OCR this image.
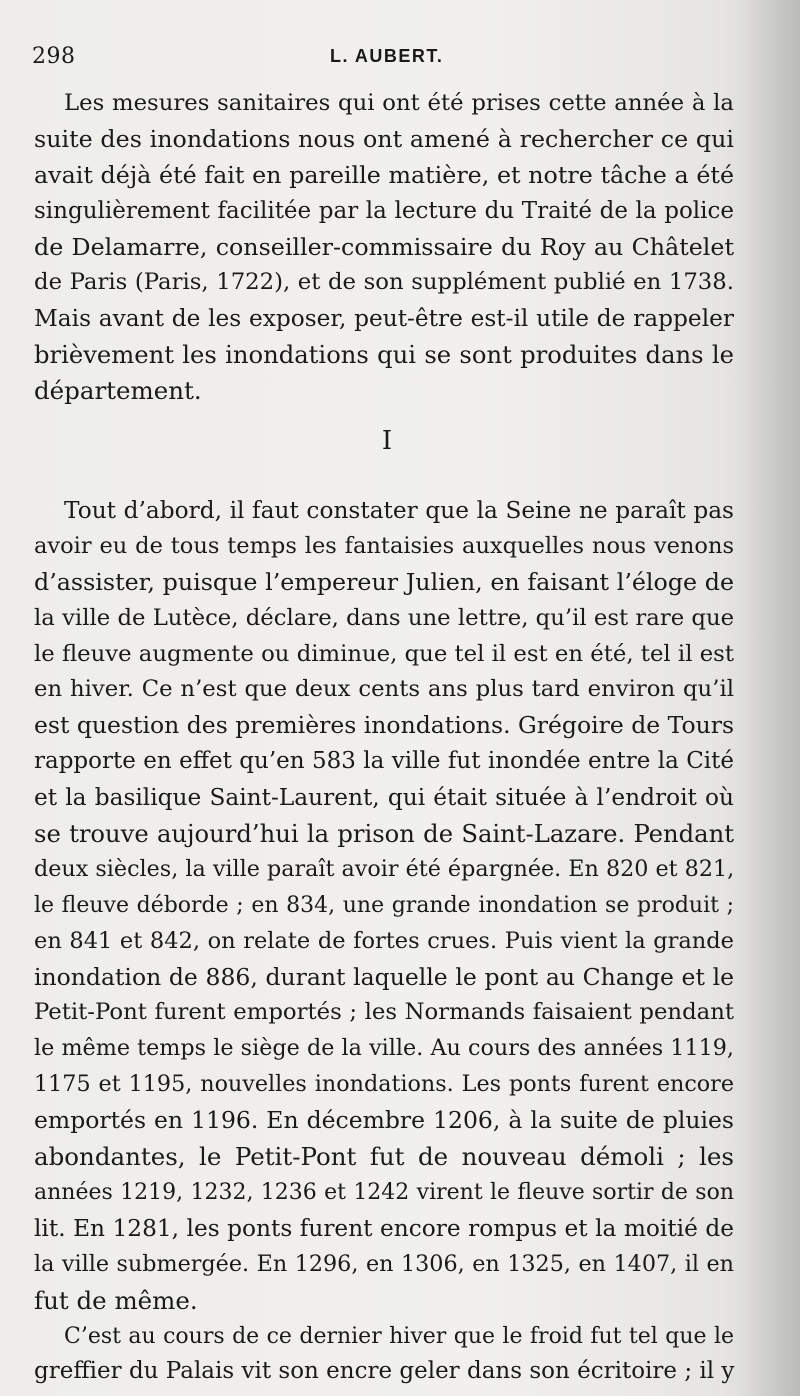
298	L. AUBERT.
Les mesures sanitaires qui ont été prises cette année à la
suite des inondations nous ont amené à rechercher ce qui
avait déjà été fait en pareille matière, et notre tâche a été
singulièrement facilitée par la lecture du Traité de la police
de Delamarre, conseiller-commissaire du Roy au Châtelet
de Paris (Paris, 1722), et de son supplément publié en 1738.
Mais avant de les exposer, peut-être est-il utile de rappeler
brièvement les inondations qui se sont produites dans le
département.
I
Tout d’abord, il faut constater que la Seine ne paraît pas
avoir eu de tous temps les fantaisies auxquelles nous venons
d’assister, puisque l’empereur Julien, en faisant l’éloge de
la ville de Lutèce, déclare, dans une lettre, qu’il est rare que
le fleuve augmente ou diminue, que tel il est en été, tel il est
en hiver. Ce n’est que deux cents ans plus tard environ qu’il
est question des premières inondations. Grégoire de Tours
rapporte en effet qu’en 583 la ville fut inondée entre la Cité
et la basilique Saint-Laurent, qui était située à l’endroit où
se trouve aujourd’hui la prison de Saint-Lazare. Pendant
deux siècles, la ville paraît avoir été épargnée. En 820 et 821,
le fleuve déborde ; en 834, une grande inondation se produit ;
en 841 et 842, on relate de fortes crues. Puis vient la grande
inondation de 886, durant laquelle le pont au Change et le
Petit-Pont furent emportés ; les Normands faisaient pendant
le même temps le siège de la ville. Au cours des années 1119,
1175 et 1195, nouvelles inondations. Les ponts furent encore
emportés en 1196. En décembre 1206, à la suite de pluies
abondantes, le Petit-Pont fut de nouveau démoli ; les
années 1219, 1232, 1236 et 1242 virent le fleuve sortir de son
lit. En 1281, les ponts furent encore rompus et la moitié de
la ville submergée. En 1296, en 1306, en 1325, en 1407, il en
fut de même.
C’est au cours de ce dernier hiver que le froid fut tel que le
greffier du Palais vit son encre geler dans son écritoire ; il y
